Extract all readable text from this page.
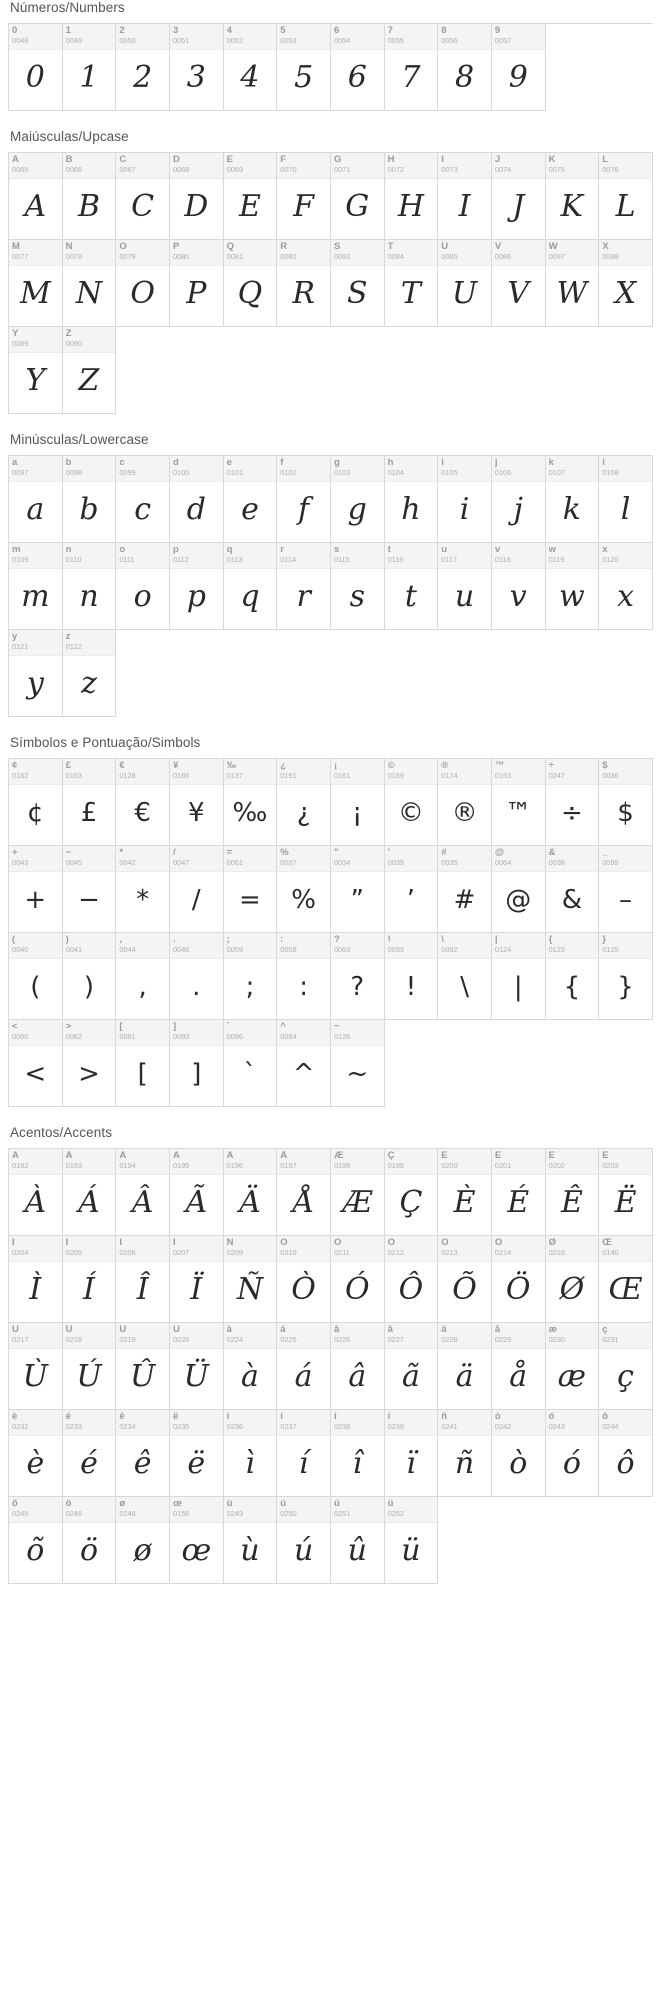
Números/Numbers
0
0048
0
1
0049
1
2
0050
2
3
0051
3
4
0052
4
5
0053
5
6
0054
6
7
0055
7
8
0056
8
9
0057
9
Maiúsculas/Upcase
A
0065
A
B
0066
B
C
0067
C
D
0068
D
E
0069
E
F
0070
F
G
0071
G
H
0072
H
I
0073
I
J
0074
J
K
0075
K
L
0076
L
M
0077
M
N
0078
N
O
0079
O
P
0080
P
Q
0081
Q
R
0082
R
S
0083
S
T
0084
T
U
0085
U
V
0086
V
W
0087
W
X
0088
X
Y
0089
Y
Z
0090
Z
Minúsculas/Lowercase
a
0097
a
b
0098
b
c
0099
c
d
0100
d
e
0101
e
f
0102
f
g
0103
g
h
0104
h
i
0105
i
j
0106
j
k
0107
k
l
0108
l
m
0109
m
n
0110
n
o
0111
o
p
0112
p
q
0113
q
r
0114
r
s
0115
s
t
0116
t
u
0117
u
v
0118
v
w
0119
w
x
0120
x
y
0121
y
z
0122
z
Símbolos e Pontuação/Simbols
¢
0162
¢
£
0163
£
€
0128
€
¥
0165
¥
‰
0137
‰
¿
0191
¿
¡
0161
¡
©
0169
©
®
0174
®
™
0153
™
÷
0247
÷
$
0036
$
+
0043
+
−
0045
−
*
0042
*
/
0047
/
=
0061
=
%
0037
%
"
0034
”
'
0039
’
#
0035
#
@
0064
@
&
0038
&
_
0095
–
(
0040
(
)
0041
)
,
0044
,
.
0046
.
;
0059
;
:
0058
:
?
0063
?
!
0033
!
\
0092
\
|
0124
|
{
0123
{
}
0125
}
<
0060
<
>
0062
>
[
0091
[
]
0093
]
`
0096
`
^
0094
^
~
0126
~
Acentos/Accents
À
0192
À
Á
0193
Á
Â
0194
Â
Ã
0195
Ã
Ä
0196
Ä
Å
0197
Å
Æ
0198
Æ
Ç
0199
Ç
È
0200
È
É
0201
É
Ê
0202
Ê
Ë
0203
Ë
Ì
0204
Ì
Í
0205
Í
Î
0206
Î
Ï
0207
Ï
Ñ
0209
Ñ
Ò
0210
Ò
Ó
0211
Ó
Ô
0212
Ô
Õ
0213
Õ
Ö
0214
Ö
Ø
0216
Ø
Œ
0140
Œ
Ù
0217
Ù
Ú
0218
Ú
Û
0219
Û
Ü
0220
Ü
à
0224
à
á
0225
á
â
0226
â
ã
0227
ã
ä
0228
ä
å
0229
å
æ
0230
æ
ç
0231
ç
è
0232
è
é
0233
é
ê
0234
ê
ë
0235
ë
ì
0236
ì
í
0237
í
î
0238
î
ï
0239
ï
ñ
0241
ñ
ò
0242
ò
ó
0243
ó
ô
0244
ô
õ
0245
õ
ö
0246
ö
ø
0248
ø
œ
0156
œ
ù
0249
ù
ú
0250
ú
û
0251
û
ü
0252
ü
